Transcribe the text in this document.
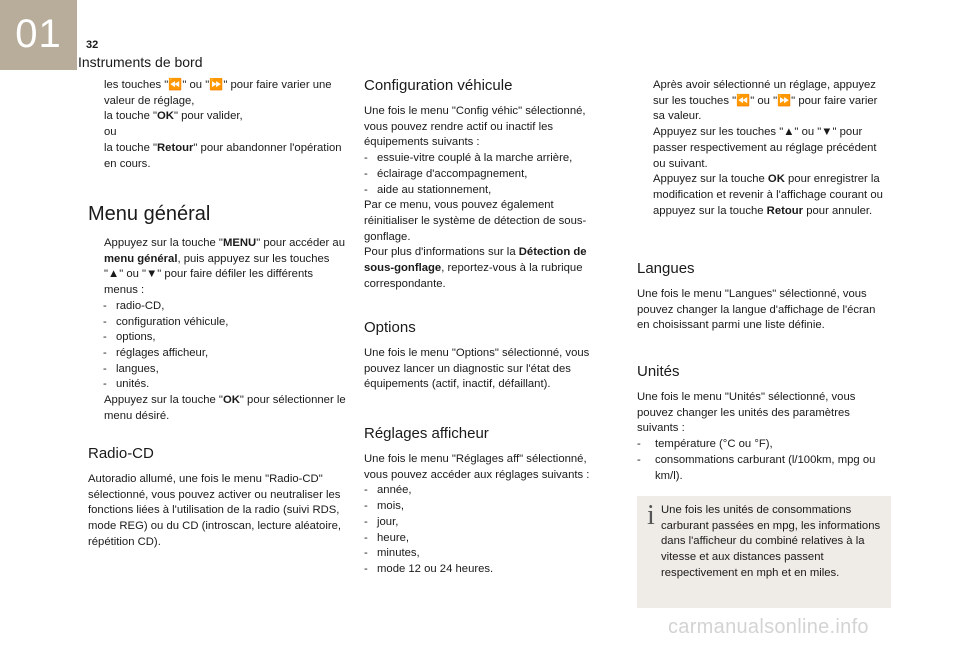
01	32
Instruments de bord
les touches "⏪" ou "⏩" pour faire varier une valeur de réglage,
la touche "OK" pour valider,
ou
la touche "Retour" pour abandonner l'opération en cours.
Menu général
Appuyez sur la touche "MENU" pour accéder au menu général, puis appuyez sur les touches "▲" ou "▼" pour faire défiler les différents menus :
- radio-CD,
- configuration véhicule,
- options,
- réglages afficheur,
- langues,
- unités.
Appuyez sur la touche "OK" pour sélectionner le menu désiré.
Radio-CD

Autoradio allumé, une fois le menu "Radio-CD" sélectionné, vous pouvez activer ou neutraliser les fonctions liées à l'utilisation de la radio (suivi RDS, mode REG) ou du CD (introscan, lecture aléatoire, répétition CD).

Configuration véhicule

Une fois le menu "Config véhic" sélectionné, vous pouvez rendre actif ou inactif les équipements suivants :

- essuie-vitre couplé à la marche arrière,
- éclairage d'accompagnement,
- aide au stationnement,

Par ce menu, vous pouvez également réinitialiser le système de détection de sous-gonflage.

Pour plus d'informations sur la Détection de sous-gonflage, reportez-vous à la rubrique correspondante.

Options

Une fois le menu "Options" sélectionné, vous pouvez lancer un diagnostic sur l'état des équipements (actif, inactif, défaillant).

Réglages afficheur

Une fois le menu "Réglages aff" sélectionné, vous pouvez accéder aux réglages suivants :

- année,
- mois,
- jour,
- heure,
- minutes,
- mode 12 ou 24 heures.
Après avoir sélectionné un réglage, appuyez sur les touches "⏪" ou "⏩" pour faire varier sa valeur.
Appuyez sur les touches "▲" ou "▼" pour passer respectivement au réglage précédent ou suivant.
Appuyez sur la touche OK pour enregistrer la modification et revenir à l'affichage courant ou appuyez sur la touche Retour pour annuler.
Langues

Une fois le menu "Langues" sélectionné, vous pouvez changer la langue d'affichage de l'écran en choisissant parmi une liste définie.

Unités

Une fois le menu "Unités" sélectionné, vous pouvez changer les unités des paramètres suivants :

- température (°C ou °F),
- consommations carburant (l/100km, mpg ou km/l).
i Une fois les unités de consommations carburant passées en mpg, les informations dans l'afficheur du combiné relatives à la vitesse et aux distances passent respectivement en mph et en miles.
carmanualsonline.info
